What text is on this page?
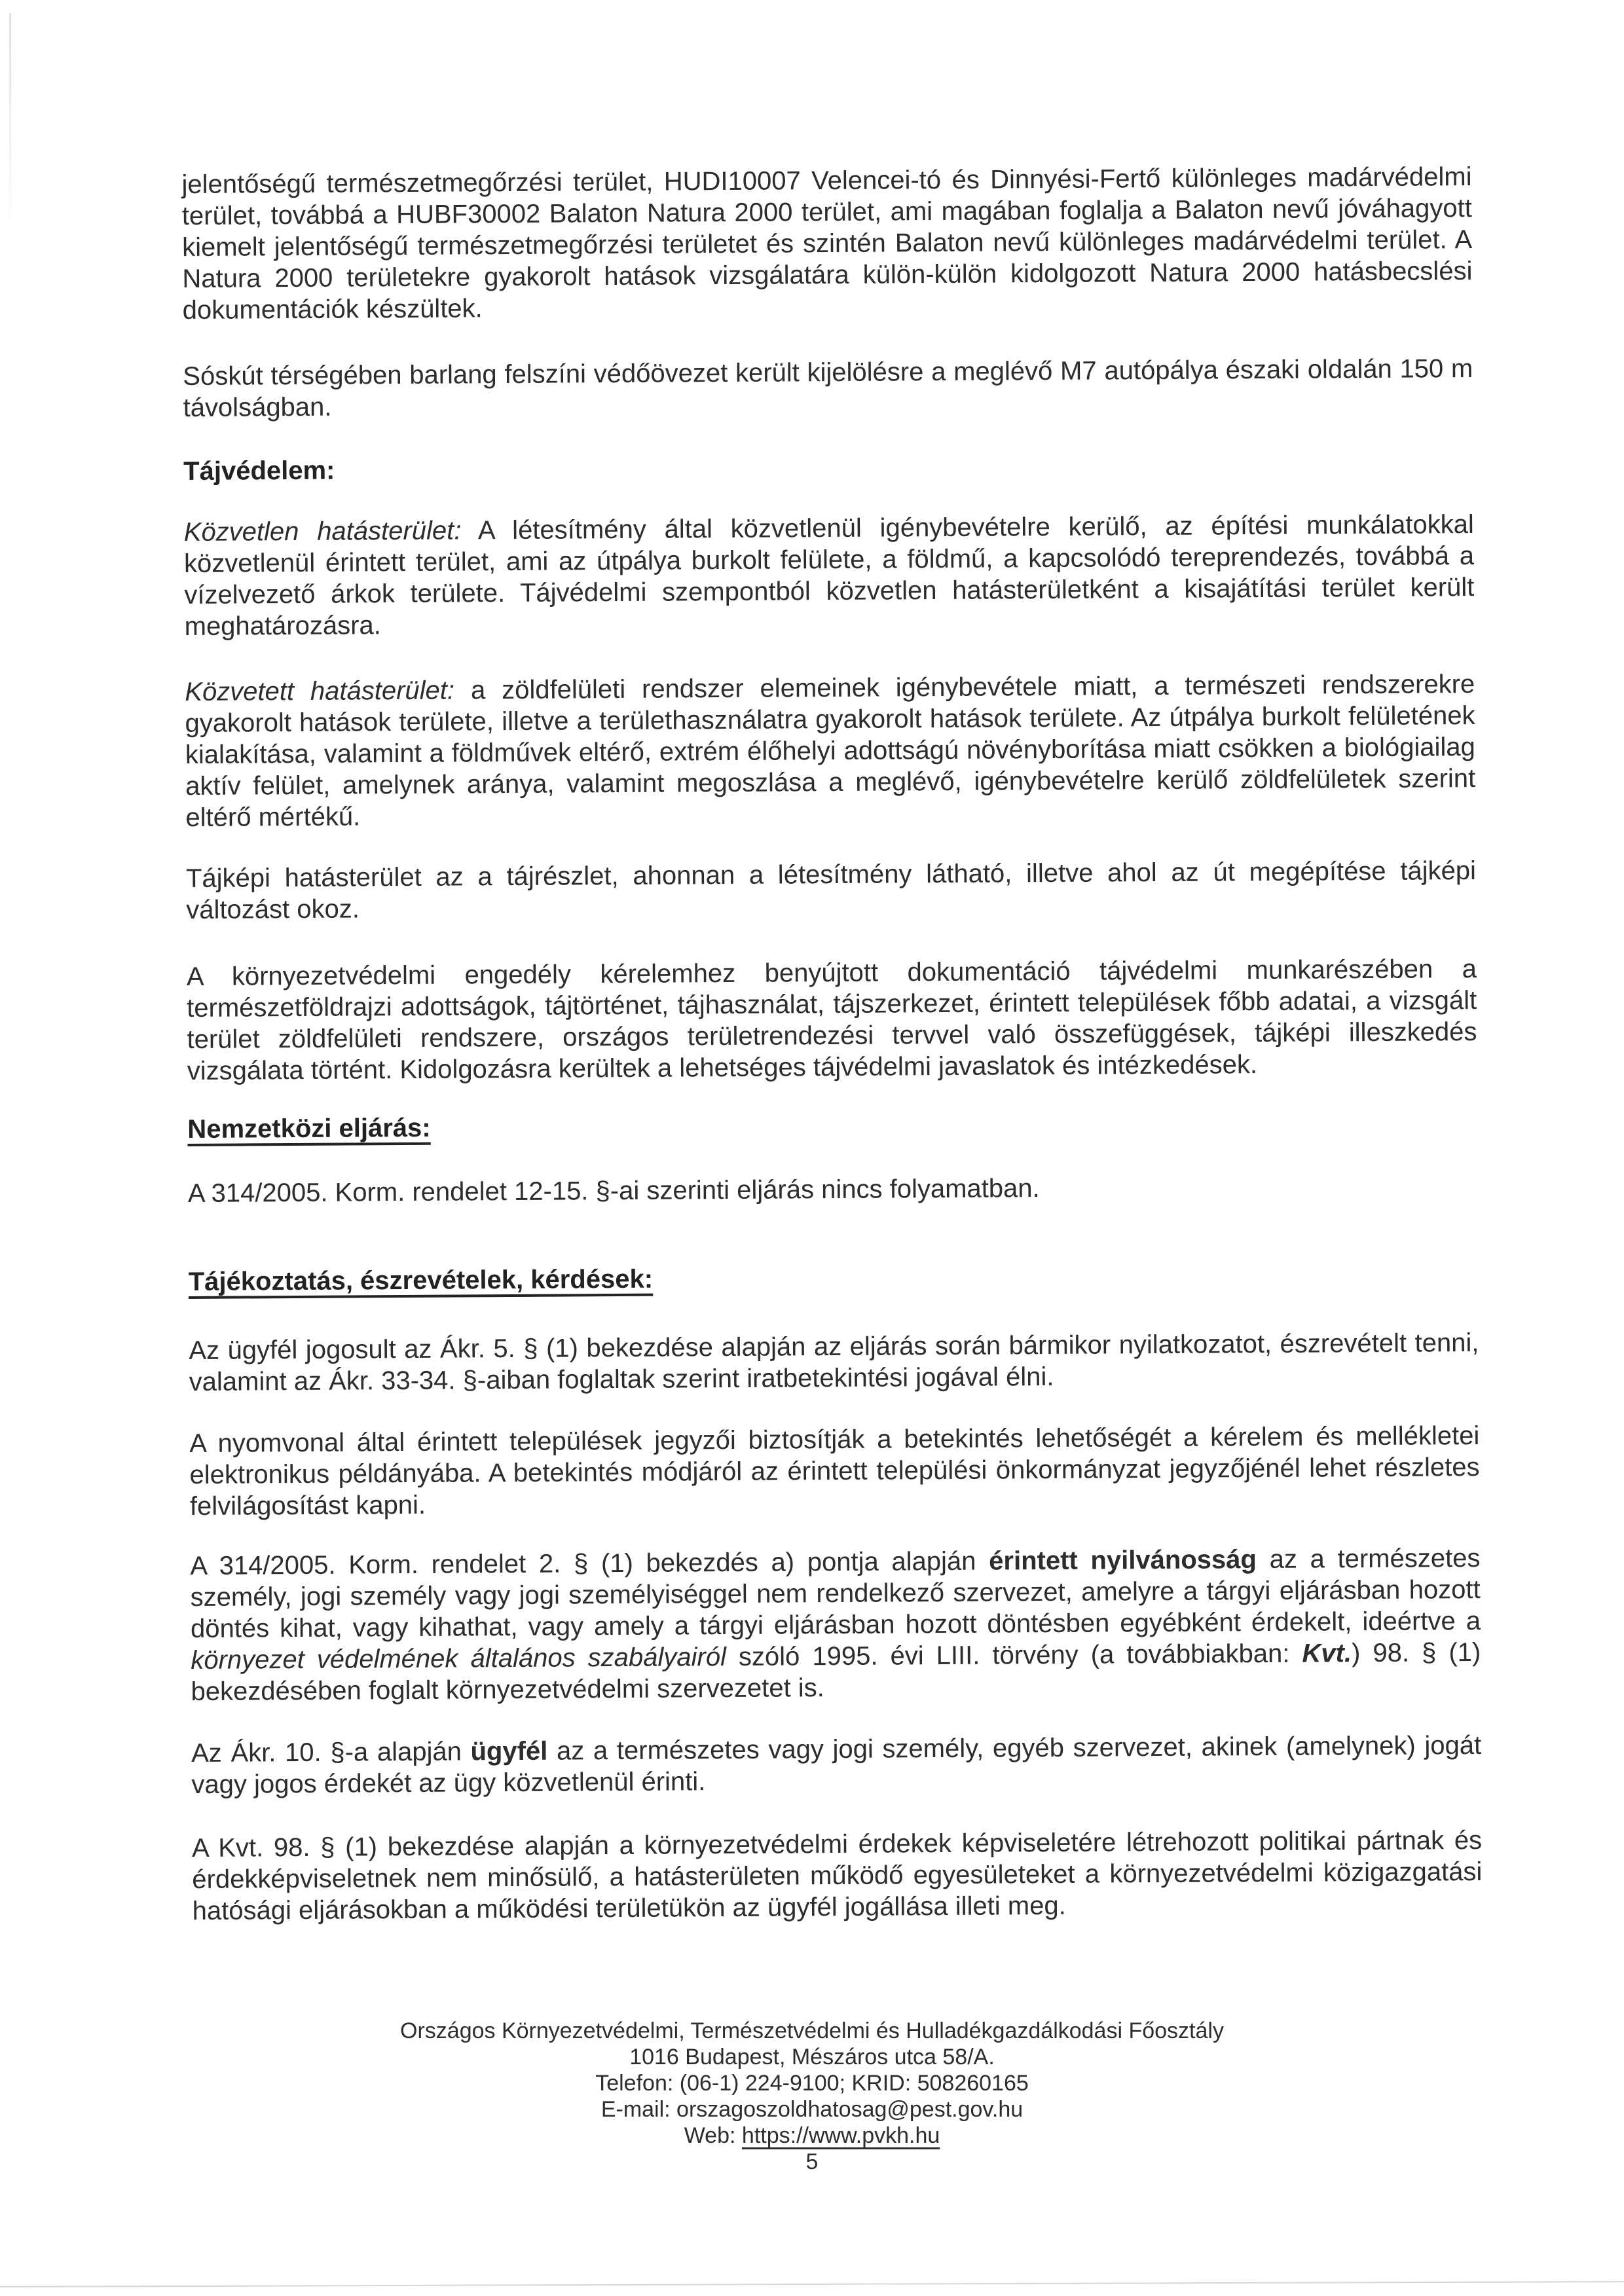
jelentőségű természetmegőrzési terület, HUDI10007 Velencei-tó és Dinnyési-Fertő különleges madárvédelmi terület, továbbá a HUBF30002 Balaton Natura 2000 terület, ami magában foglalja a Balaton nevű jóváhagyott kiemelt jelentőségű természetmegőrzési területet és szintén Balaton nevű különleges madárvédelmi terület. A Natura 2000 területekre gyakorolt hatások vizsgálatára külön-külön kidolgozott Natura 2000 hatásbecslési dokumentációk készültek.

Sóskút térségében barlang felszíni védőövezet került kijelölésre a meglévő M7 autópálya északi oldalán 150 m távolságban.

Tájvédelem:

Közvetlen hatásterület: A létesítmény által közvetlenül igénybevételre kerülő, az építési munkálatokkal közvetlenül érintett terület, ami az útpálya burkolt felülete, a földmű, a kapcsolódó tereprendezés, továbbá a vízelvezető árkok területe. Tájvédelmi szempontból közvetlen hatásterületként a kisajátítási terület került meghatározásra.

Közvetett hatásterület: a zöldfelületi rendszer elemeinek igénybevétele miatt, a természeti rendszerekre gyakorolt hatások területe, illetve a területhasználatra gyakorolt hatások területe. Az útpálya burkolt felületének kialakítása, valamint a földművek eltérő, extrém élőhelyi adottságú növényborítása miatt csökken a biológiailag aktív felület, amelynek aránya, valamint megoszlása a meglévő, igénybevételre kerülő zöldfelületek szerint eltérő mértékű.

Tájképi hatásterület az a tájrészlet, ahonnan a létesítmény látható, illetve ahol az út megépítése tájképi változást okoz.

A környezetvédelmi engedély kérelemhez benyújtott dokumentáció tájvédelmi munkarészében a természetföldrajzi adottságok, tájtörténet, tájhasználat, tájszerkezet, érintett települések főbb adatai, a vizsgált terület zöldfelületi rendszere, országos területrendezési tervvel való összefüggések, tájképi illeszkedés vizsgálata történt. Kidolgozásra kerültek a lehetséges tájvédelmi javaslatok és intézkedések.

Nemzetközi eljárás:

A 314/2005. Korm. rendelet 12-15. §-ai szerinti eljárás nincs folyamatban.

Tájékoztatás, észrevételek, kérdések:

Az ügyfél jogosult az Ákr. 5. § (1) bekezdése alapján az eljárás során bármikor nyilatkozatot, észrevételt tenni, valamint az Ákr. 33-34. §-aiban foglaltak szerint iratbetekintési jogával élni.

A nyomvonal által érintett települések jegyzői biztosítják a betekintés lehetőségét a kérelem és mellékletei elektronikus példányába. A betekintés módjáról az érintett települési önkormányzat jegyzőjénél lehet részletes felvilágosítást kapni.

A 314/2005. Korm. rendelet 2. § (1) bekezdés a) pontja alapján érintett nyilvánosság az a természetes személy, jogi személy vagy jogi személyiséggel nem rendelkező szervezet, amelyre a tárgyi eljárásban hozott döntés kihat, vagy kihathat, vagy amely a tárgyi eljárásban hozott döntésben egyébként érdekelt, ideértve a környezet védelmének általános szabályairól szóló 1995. évi LIII. törvény (a továbbiakban: Kvt.) 98. § (1) bekezdésében foglalt környezetvédelmi szervezetet is.

Az Ákr. 10. §-a alapján ügyfél az a természetes vagy jogi személy, egyéb szervezet, akinek (amelynek) jogát vagy jogos érdekét az ügy közvetlenül érinti.

A Kvt. 98. § (1) bekezdése alapján a környezetvédelmi érdekek képviseletére létrehozott politikai pártnak és érdekképviseletnek nem minősülő, a hatásterületen működő egyesületeket a környezetvédelmi közigazgatási hatósági eljárásokban a működési területükön az ügyfél jogállása illeti meg.

Országos Környezetvédelmi, Természetvédelmi és Hulladékgazdálkodási Főosztály
1016 Budapest, Mészáros utca 58/A.
Telefon: (06-1) 224-9100; KRID: 508260165
E-mail: orszagoszoldhatosag@pest.gov.hu
Web: https://www.pvkh.hu
5
